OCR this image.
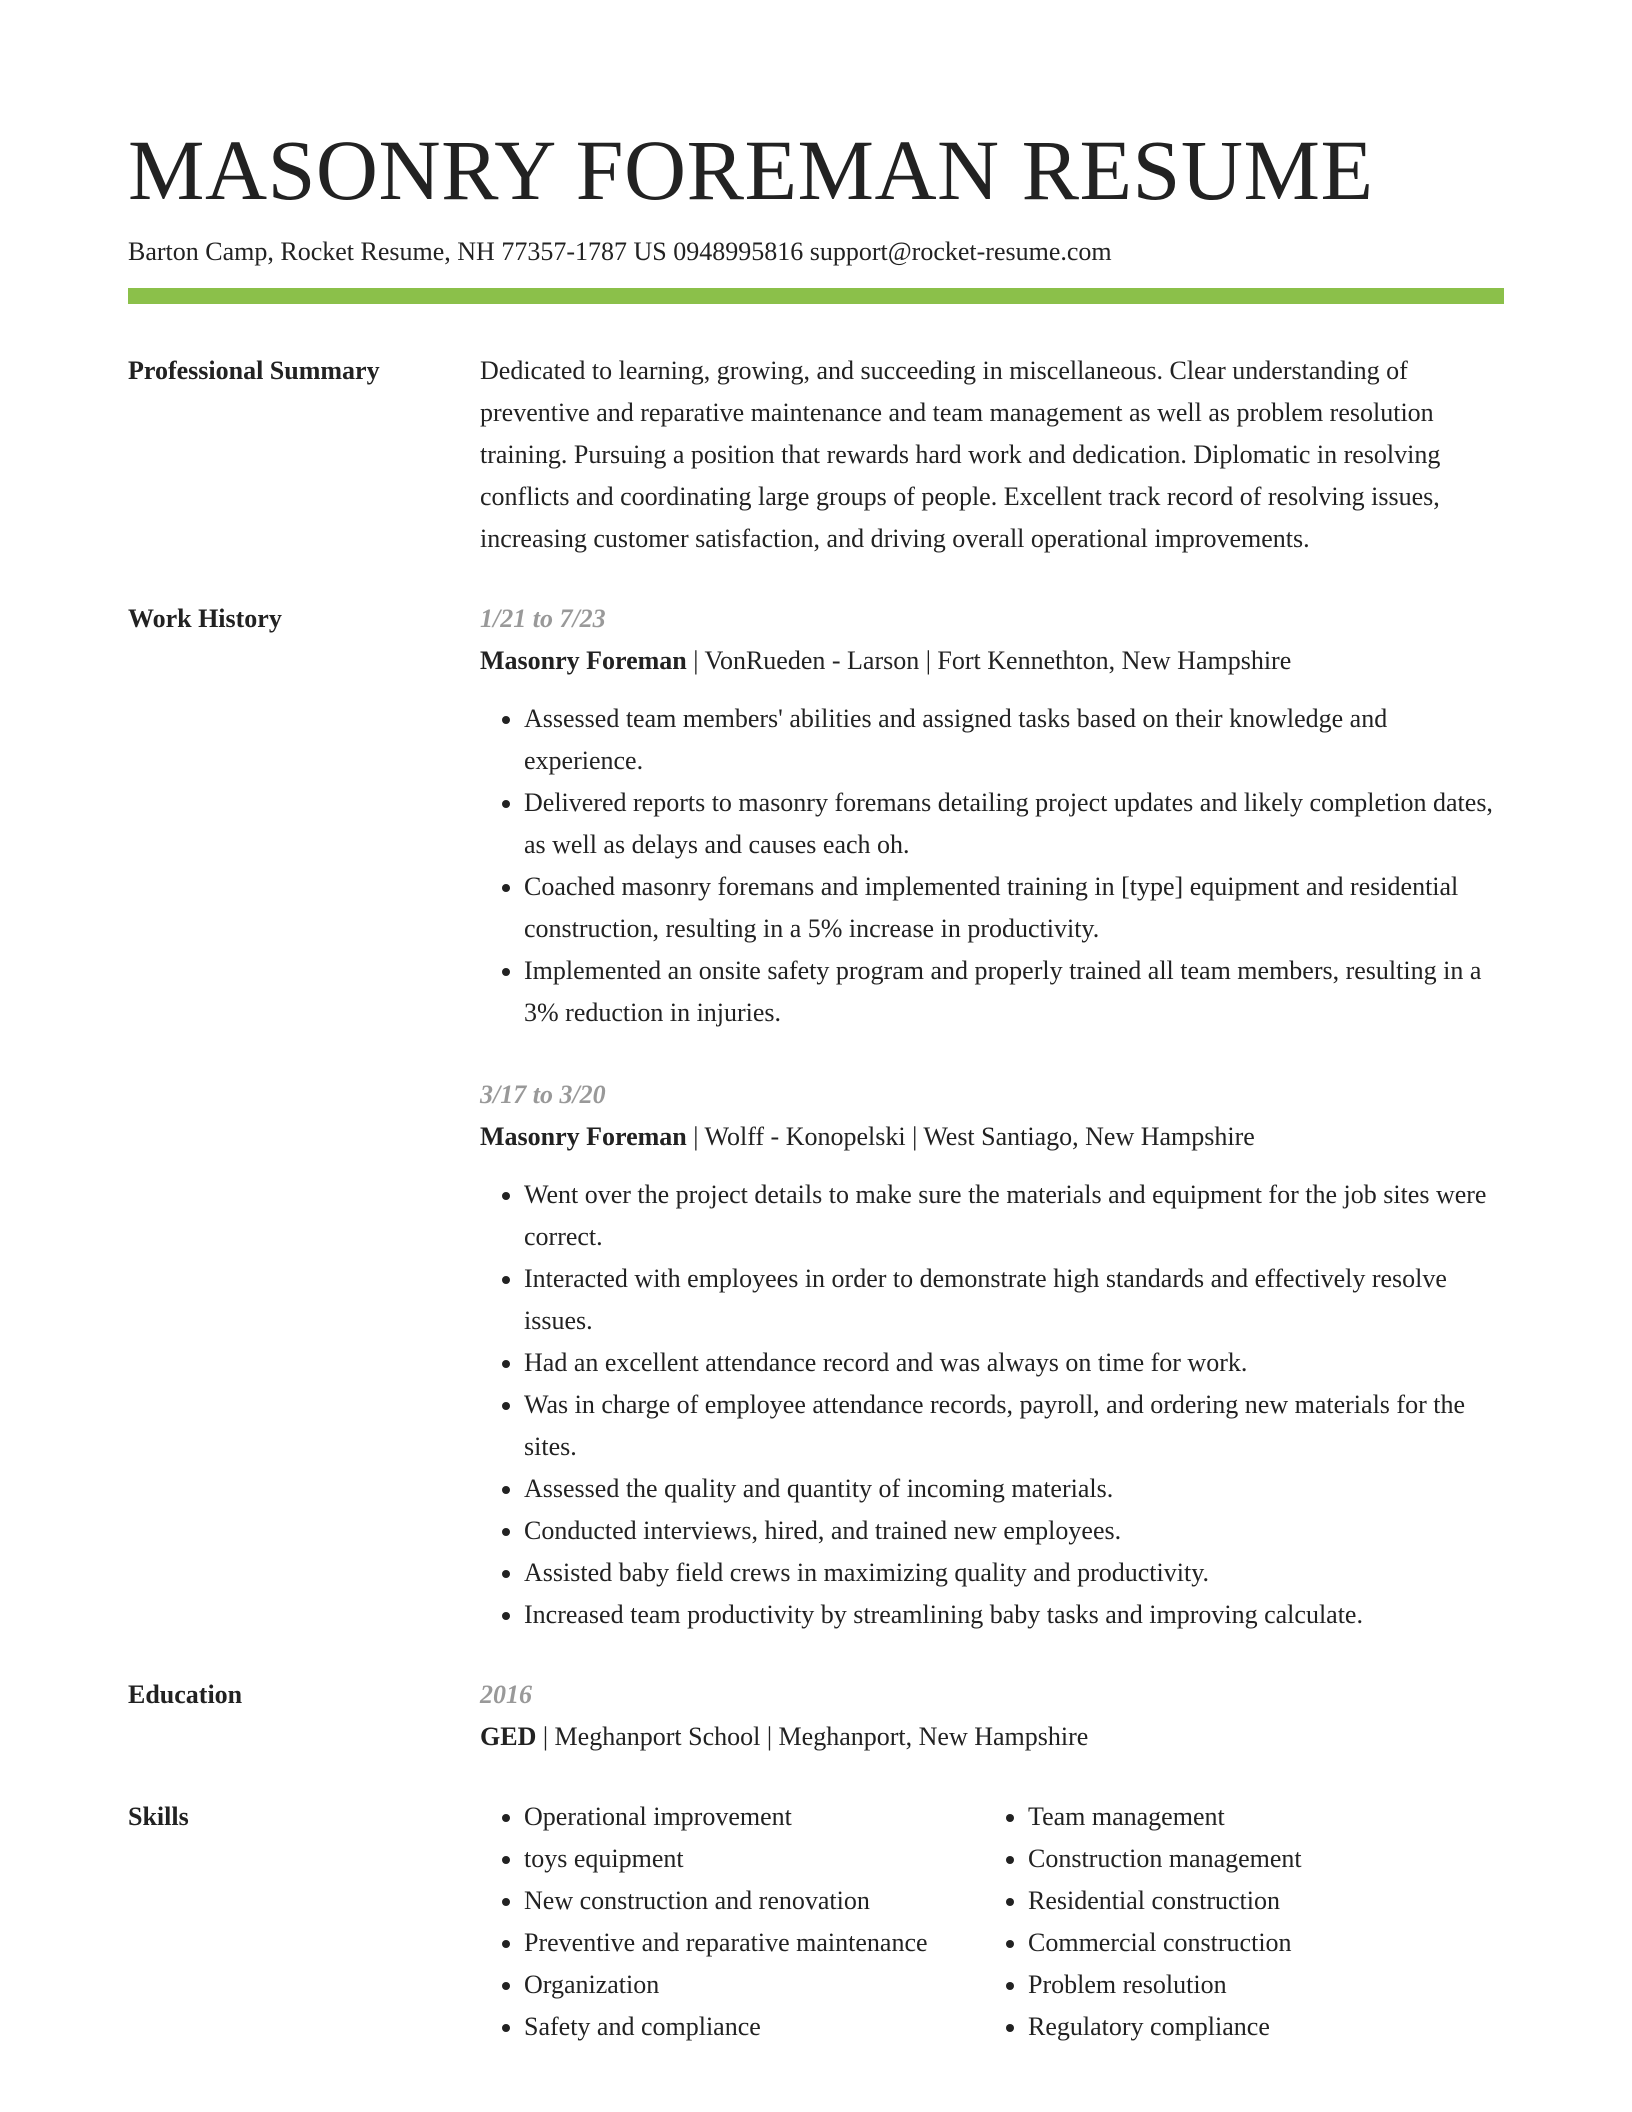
MASONRY FOREMAN RESUME
Barton Camp, Rocket Resume, NH 77357-1787 US 0948995816 support@rocket-resume.com
Professional Summary	Dedicated to learning, growing, and succeeding in miscellaneous. Clear understanding of preventive and reparative maintenance and team management as well as problem resolution training. Pursuing a position that rewards hard work and dedication. Diplomatic in resolving conflicts and coordinating large groups of people. Excellent track record of resolving issues, increasing customer satisfaction, and driving overall operational improvements.

Work History	1/21 to 7/23

Masonry Foreman | VonRueden - Larson | Fort Kennethton, New Hampshire

• Assessed team members' abilities and assigned tasks based on their knowledge and experience.
• Delivered reports to masonry foremans detailing project updates and likely completion dates, as well as delays and causes each oh.
• Coached masonry foremans and implemented training in [type] equipment and residential construction, resulting in a 5% increase in productivity.
• Implemented an onsite safety program and properly trained all team members, resulting in a 3% reduction in injuries.
3/17 to 3/20

Masonry Foreman | Wolff - Konopelski | West Santiago, New Hampshire

• Went over the project details to make sure the materials and equipment for the job sites were correct.
• Interacted with employees in order to demonstrate high standards and effectively resolve issues.
• Had an excellent attendance record and was always on time for work.
• Was in charge of employee attendance records, payroll, and ordering new materials for the sites.
• Assessed the quality and quantity of incoming materials.
• Conducted interviews, hired, and trained new employees.
• Assisted baby field crews in maximizing quality and productivity.
• Increased team productivity by streamlining baby tasks and improving calculate.
Education	2016

GED | Meghanport School | Meghanport, New Hampshire

Skills
•	Operational improvement
• toys equipment
• New construction and renovation
• Preventive and reparative maintenance
• Organization
• Safety and compliance
• Team management
• Construction management
• Residential construction
• Commercial construction
• Problem resolution
• Regulatory compliance
